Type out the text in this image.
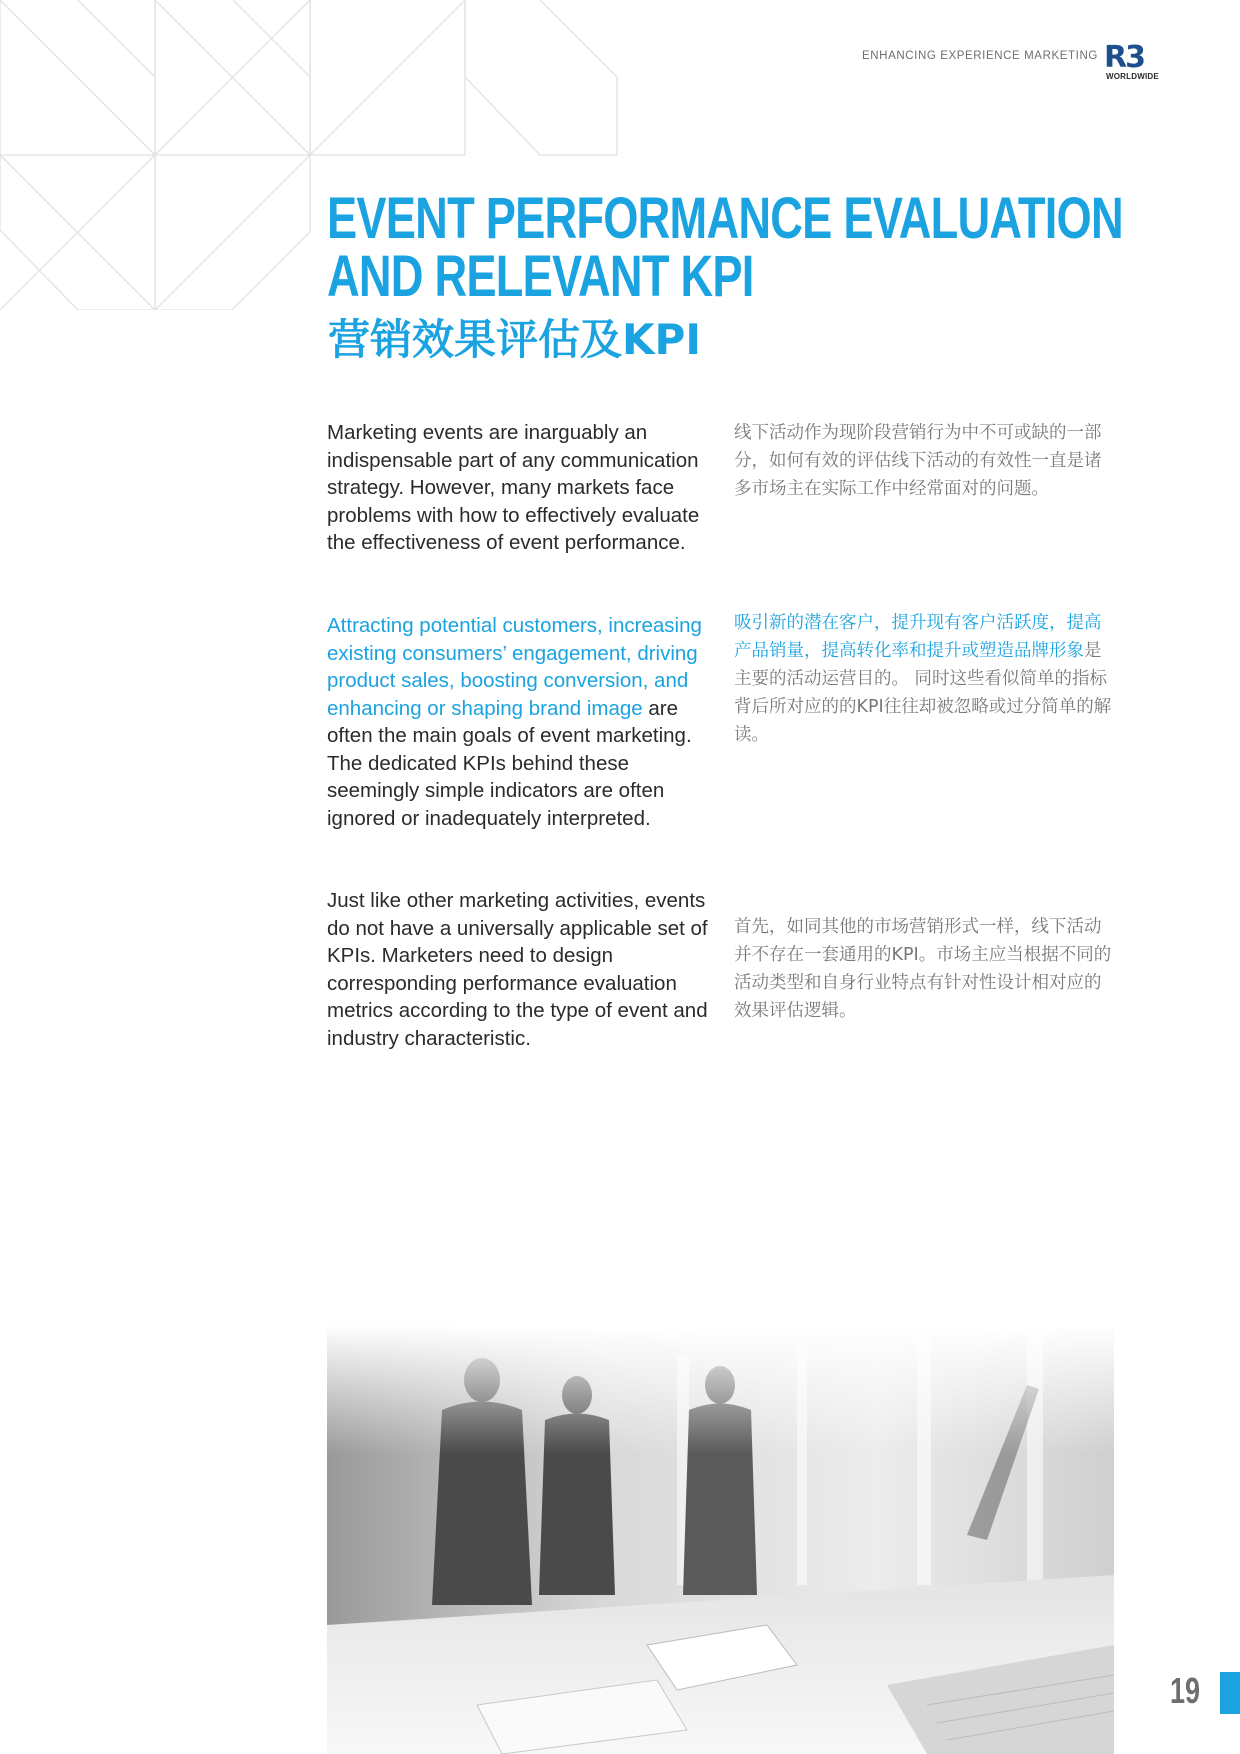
ENHANCING EXPERIENCE MARKETING R3
WORLDWIDE
EVENT PERFORMANCE EVALUATION
AND RELEVANT KPI
营销效果评估及KPI

Marketing events are inarguably an indispensable part of any communication strategy. However, many markets face problems with how to effectively evaluate the effectiveness of event performance.

线下活动作为现阶段营销行为中不可或缺的一部分，如何有效的评估线下活动的有效性一直是诸多市场主在实际工作中经常面对的问题。

Attracting potential customers, increasing existing consumers’ engagement, driving product sales, boosting conversion, and enhancing or shaping brand image are often the main goals of event marketing. The dedicated KPIs behind these seemingly simple indicators are often ignored or inadequately interpreted.

吸引新的潜在客户，提升现有客户活跃度，提高产品销量，提高转化率和提升或塑造品牌形象是主要的活动运营目的。 同时这些看似简单的指标背后所对应的的KPI往往却被忽略或过分简单的解读。

Just like other marketing activities, events do not have a universally applicable set of KPIs. Marketers need to design corresponding performance evaluation metrics according to the type of event and industry characteristic.

首先，如同其他的市场营销形式一样，线下活动并不存在一套通用的KPI。市场主应当根据不同的活动类型和自身行业特点有针对性设计相对应的效果评估逻辑。

19
